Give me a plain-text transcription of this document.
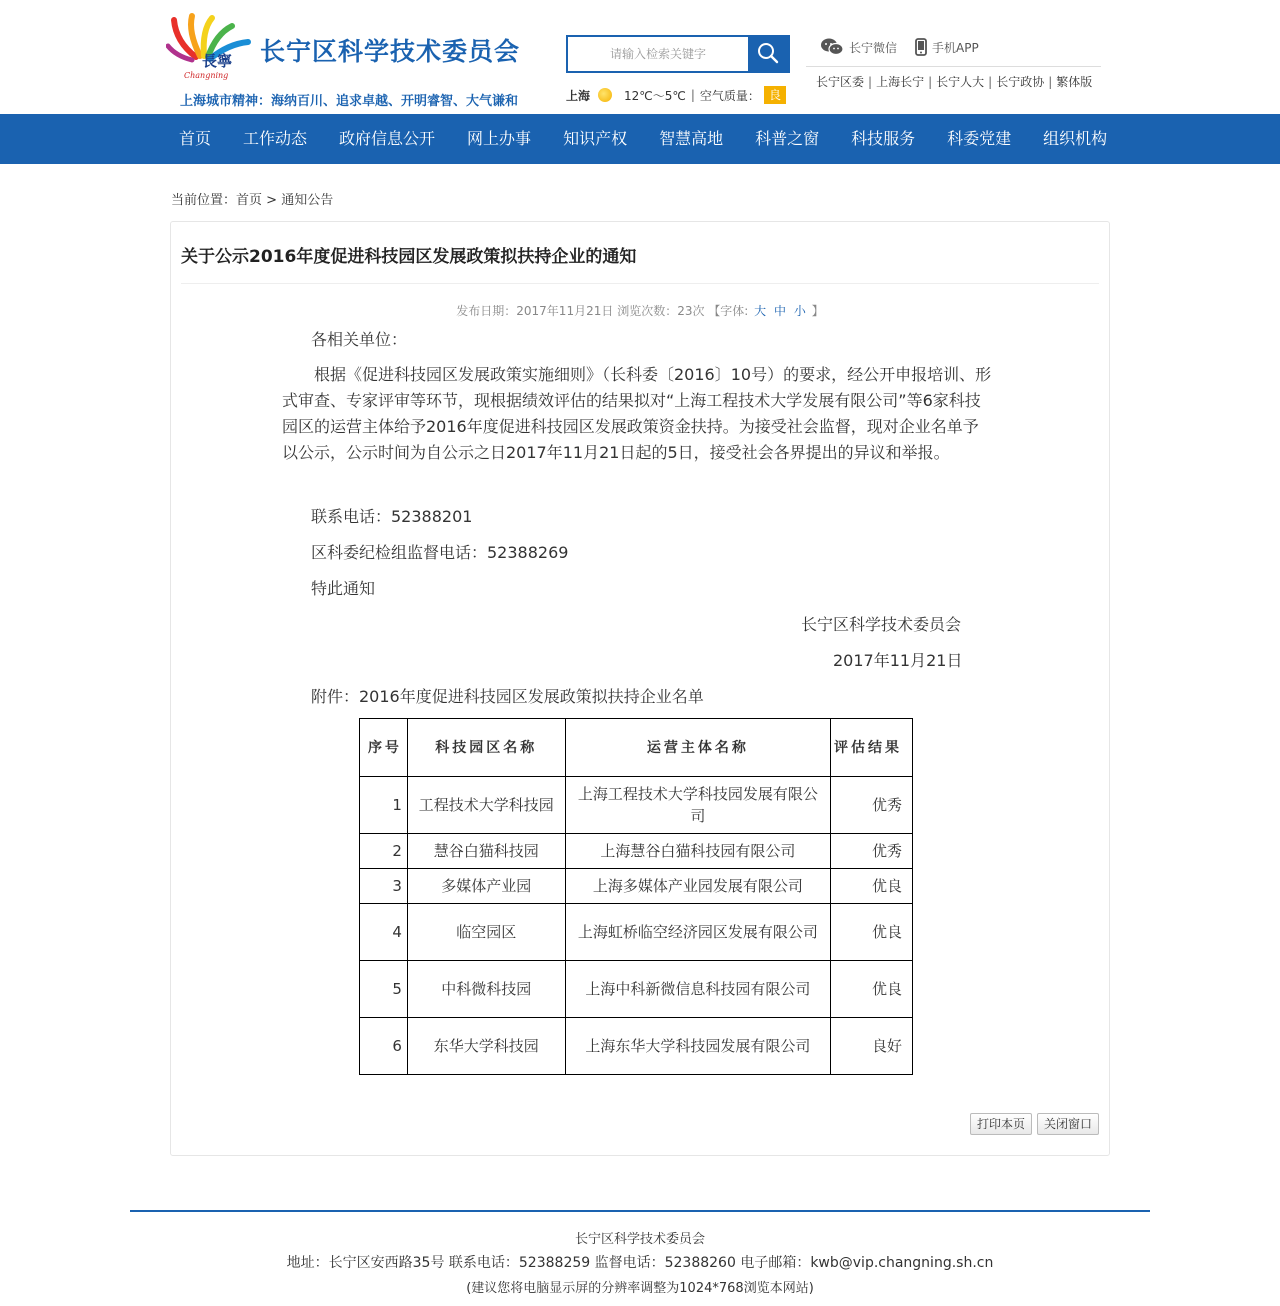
長寧
Changning
长宁区科学技术委员会
上海城市精神：海纳百川、追求卓越、开明睿智、大气谦和
请输入检索关键字	上海	12℃～5℃ | 空气质量： 良
长宁微信	手机APP
长宁区委 | 上海长宁 | 长宁人大 | 长宁政协 | 繁体版
首页	工作动态	政府信息公开	网上办事	知识产权	智慧高地	科普之窗	科技服务	科委党建	组织机构
当前位置：首页 > 通知公告
关于公示2016年度促进科技园区发展政策拟扶持企业的通知
发布日期：2017年11月21日 浏览次数：23次 【字体: 大 中 小 】
各相关单位：
根据《促进科技园区发展政策实施细则》（长科委〔2016〕10号）的要求，经公开申报培训、形式审查、专家评审等环节，现根据绩效评估的结果拟对“上海工程技术大学发展有限公司”等6家科技园区的运营主体给予2016年度促进科技园区发展政策资金扶持。为接受社会监督，现对企业名单予以公示，公示时间为自公示之日2017年11月21日起的5日，接受社会各界提出的异议和举报。
联系电话：52388201
区科委纪检组监督电话：52388269
特此通知
长宁区科学技术委员会
2017年11月21日
附件：2016年度促进科技园区发展政策拟扶持企业名单
序号	科技园区名称	运营主体名称	评估结果
1	工程技术大学科技园	上海工程技术大学科技园发展有限公司	优秀
2	慧谷白猫科技园	上海慧谷白猫科技园有限公司	优秀
3	多媒体产业园	上海多媒体产业园发展有限公司	优良
4	临空园区	上海虹桥临空经济园区发展有限公司	优良
5	中科微科技园	上海中科新微信息科技园有限公司	优良
6	东华大学科技园	上海东华大学科技园发展有限公司	良好
打印本页	关闭窗口
长宁区科学技术委员会
地址：长宁区安西路35号 联系电话：52388259 监督电话：52388260 电子邮箱：kwb@vip.changning.sh.cn
(建议您将电脑显示屏的分辨率调整为1024*768浏览本网站)
